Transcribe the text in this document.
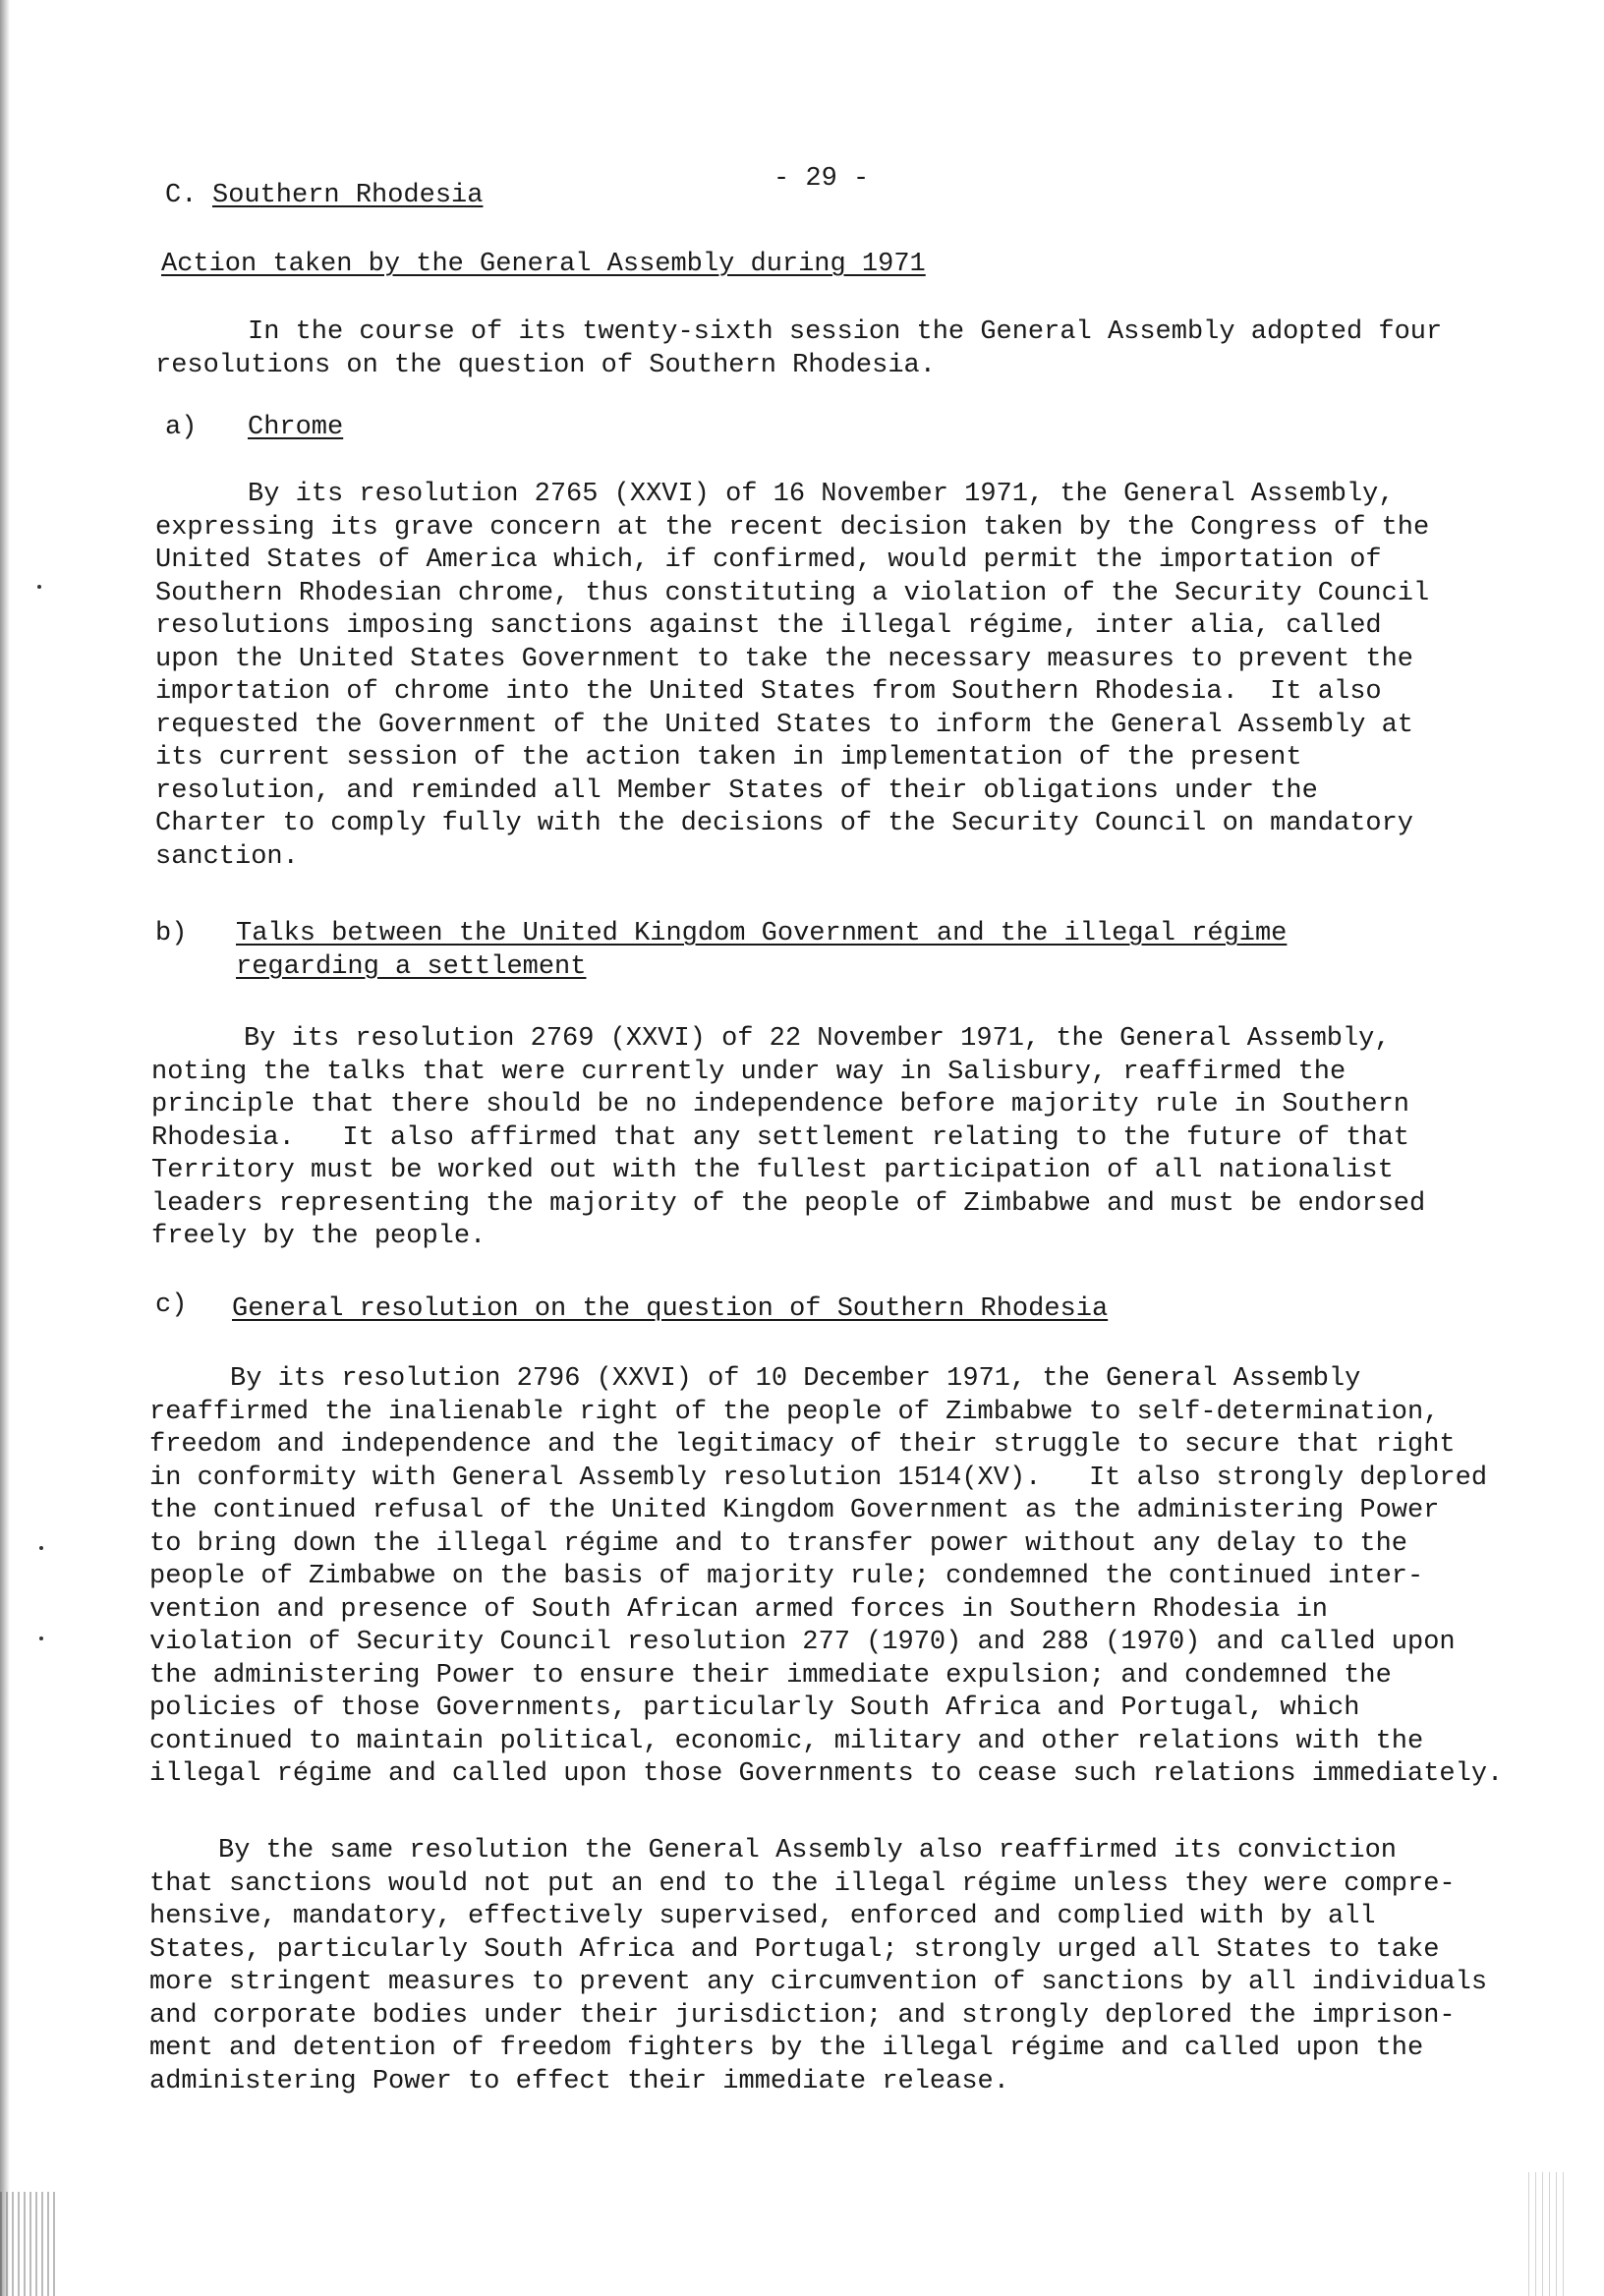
- 29 -
C. Southern Rhodesia
Action taken by the General Assembly during 1971
In the course of its twenty-sixth session the General Assembly adopted four
resolutions on the question of Southern Rhodesia.
a) Chrome
By its resolution 2765 (XXVI) of 16 November 1971, the General Assembly,
expressing its grave concern at the recent decision taken by the Congress of the
United States of America which, if confirmed, would permit the importation of
Southern Rhodesian chrome, thus constituting a violation of the Security Council
resolutions imposing sanctions against the illegal régime, inter alia, called
upon the United States Government to take the necessary measures to prevent the
importation of chrome into the United States from Southern Rhodesia.  It also
requested the Government of the United States to inform the General Assembly at
its current session of the action taken in implementation of the present
resolution, and reminded all Member States of their obligations under the
Charter to comply fully with the decisions of the Security Council on mandatory
sanction.
b) Talks between the United Kingdom Government and the illegal régime
regarding a settlement
By its resolution 2769 (XXVI) of 22 November 1971, the General Assembly,
noting the talks that were currently under way in Salisbury, reaffirmed the
principle that there should be no independence before majority rule in Southern
Rhodesia.   It also affirmed that any settlement relating to the future of that
Territory must be worked out with the fullest participation of all nationalist
leaders representing the majority of the people of Zimbabwe and must be endorsed
freely by the people.
c) General resolution on the question of Southern Rhodesia
By its resolution 2796 (XXVI) of 10 December 1971, the General Assembly
reaffirmed the inalienable right of the people of Zimbabwe to self-determination,
freedom and independence and the legitimacy of their struggle to secure that right
in conformity with General Assembly resolution 1514(XV).   It also strongly deplored
the continued refusal of the United Kingdom Government as the administering Power
to bring down the illegal régime and to transfer power without any delay to the
people of Zimbabwe on the basis of majority rule; condemned the continued inter-
vention and presence of South African armed forces in Southern Rhodesia in
violation of Security Council resolution 277 (1970) and 288 (1970) and called upon
the administering Power to ensure their immediate expulsion; and condemned the
policies of those Governments, particularly South Africa and Portugal, which
continued to maintain political, economic, military and other relations with the
illegal régime and called upon those Governments to cease such relations immediately.
By the same resolution the General Assembly also reaffirmed its conviction
that sanctions would not put an end to the illegal régime unless they were compre-
hensive, mandatory, effectively supervised, enforced and complied with by all
States, particularly South Africa and Portugal; strongly urged all States to take
more stringent measures to prevent any circumvention of sanctions by all individuals
and corporate bodies under their jurisdiction; and strongly deplored the imprison-
ment and detention of freedom fighters by the illegal régime and called upon the
administering Power to effect their immediate release.
